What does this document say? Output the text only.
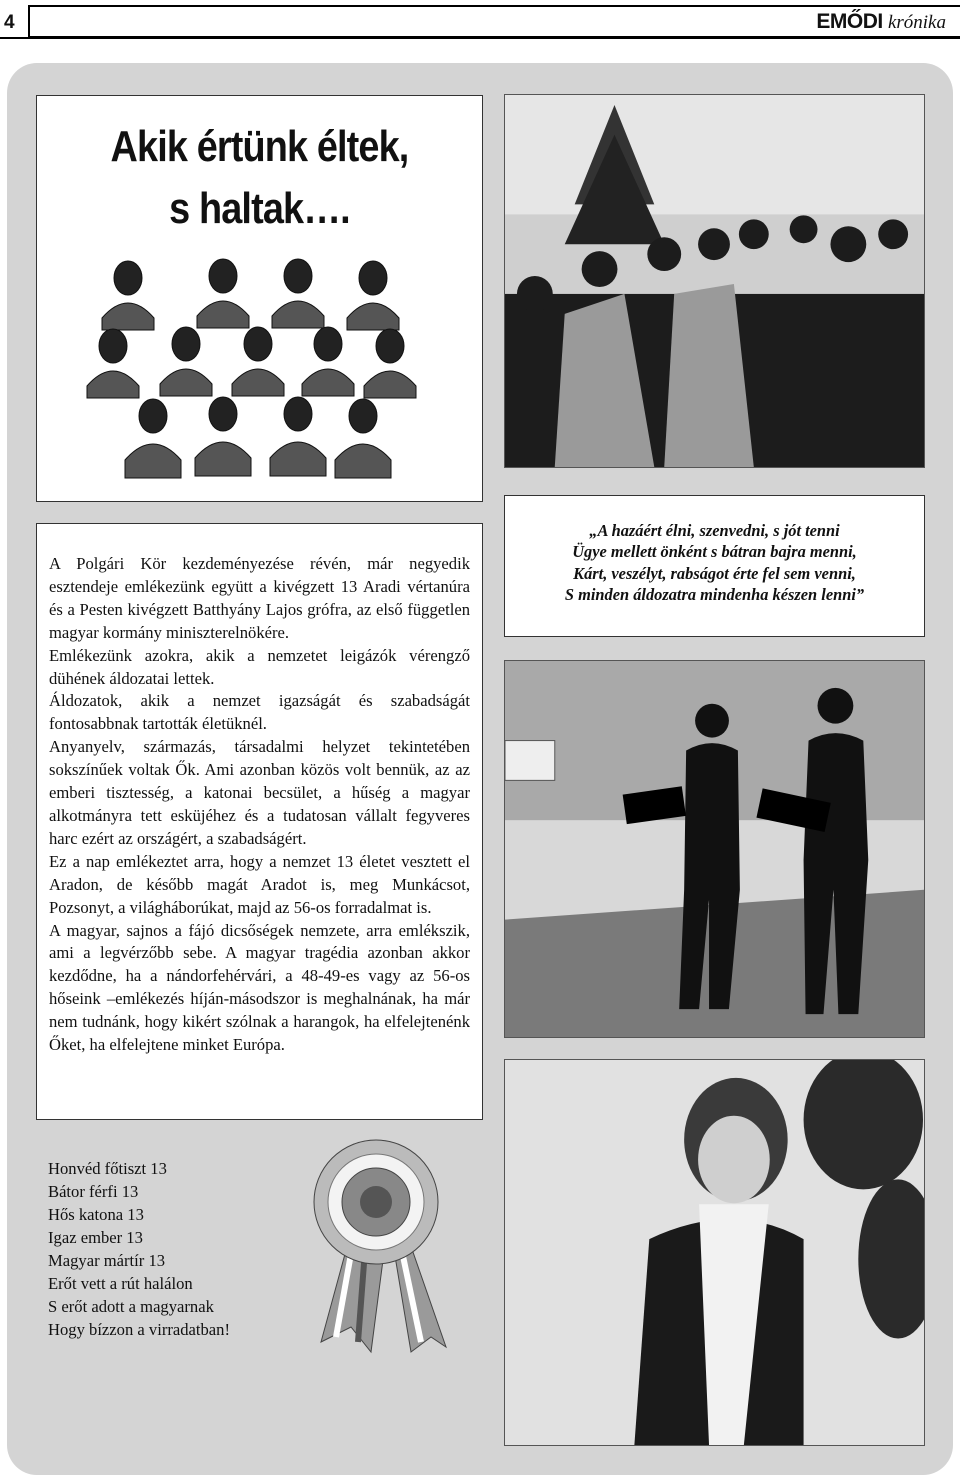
4	EMŐDI krónika
Akik értünk éltek,
s haltak….

A Polgári Kör kezdeményezése révén, már negyedik esztendeje emlékezünk együtt a kivégzett 13 Aradi vértanúra és a Pesten kivégzett Batthyány Lajos grófra, az első független magyar kormány miniszterelnökére.

Emlékezünk azokra, akik a nemzetet leigázók vérengző dühének áldozatai lettek.

Áldozatok, akik a nemzet igazságát és szabadságát fontosabbnak tartották életüknél.

Anyanyelv, származás, társadalmi helyzet tekintetében sokszínűek voltak Ők. Ami azonban közös volt bennük, az az emberi tisztesség, a katonai becsület, a hűség a magyar alkotmányra tett esküjéhez és a tudatosan vállalt fegyveres harc ezért az országért, a szabadságért.

Ez a nap emlékeztet arra, hogy a nemzet 13 életet vesztett el Aradon, de később magát Aradot is, meg Munkácsot, Pozsonyt, a világháborúkat, majd az 56-os forradalmat is.

A magyar, sajnos a fájó dicsőségek nemzete, arra emlékszik, ami a legvérzőbb sebe. A magyar tragédia azonban akkor kezdődne, ha a nándorfehérvári, a 48-49-es vagy az 56-os hőseink –emlékezés híján-másodszor is meghalnának, ha már nem tudnánk, hogy kikért szólnak a harangok, ha elfelejtenénk Őket, ha elfelejtene minket Európa.

Honvéd főtiszt 13
Bátor férfi 13
Hős katona 13
Igaz ember 13
Magyar mártír 13
Erőt vett a rút halálon
S erőt adott a magyarnak
Hogy bízzon a virradatban!
„A hazáért élni, szenvedni, s jót tenni
Ügye mellett önként s bátran bajra menni,
Kárt, veszélyt, rabságot érte fel sem venni,
S minden áldozatra mindenha készen lenni”
